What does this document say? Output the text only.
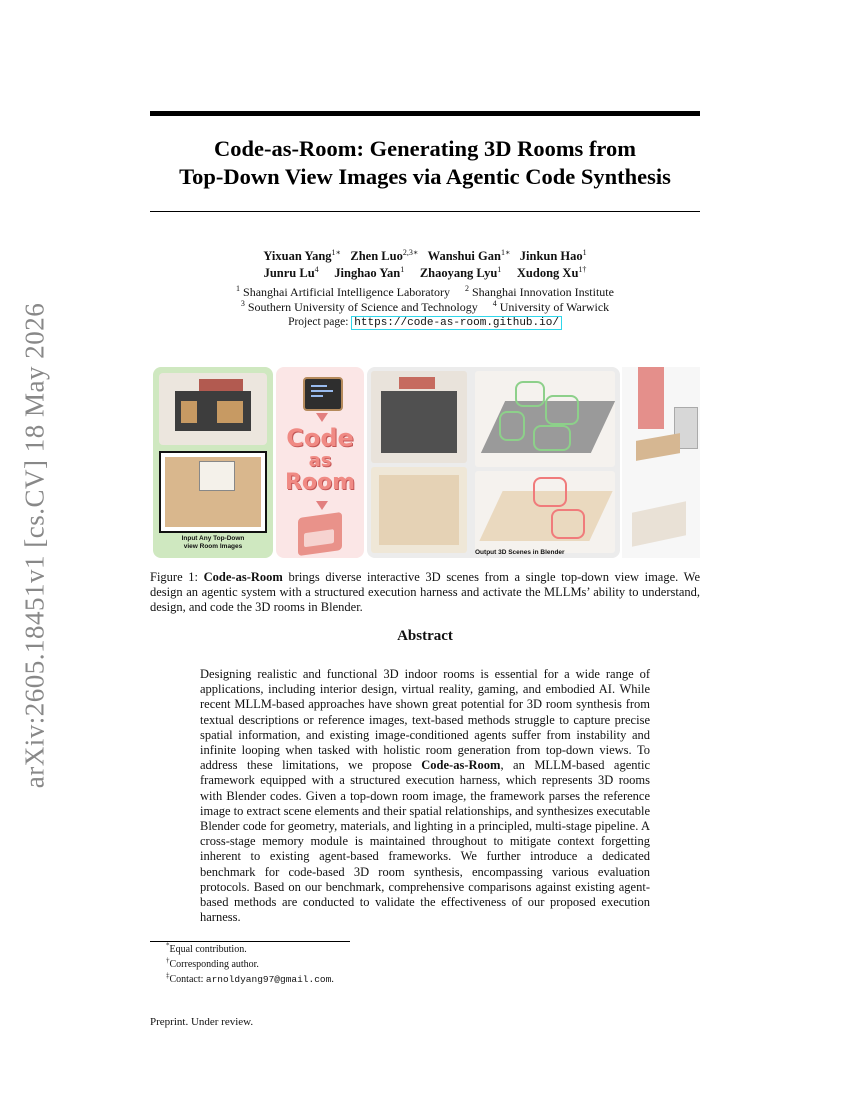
arXiv:2605.18451v1 [cs.CV] 18 May 2026
Code-as-Room: Generating 3D Rooms from
Top-Down View Images via Agentic Code Synthesis
Yixuan Yang$^{1∗}$ Zhen Luo$^{2,3∗}$ Wanshui Gan$^{1∗}$ Jinkun Hao$^1$
Junru Lu$^4$ Jinghao Yan$^1$ Zhaoyang Lyu$^1$ Xudong $Xu^{1\dagger}$
$^1$ Shanghai Artificial Intelligence Laboratory $^2$ Shanghai Innovation Institute
$^3$ Southern University of Science and Technology $^4$ University of Warwick
Project page: https://code-as-room.github.io/
Input Any Top-Down
view Room Images
Code
as
Room
Output 3D Scenes in Blender
Figure 1: Code-as-Room brings diverse interactive 3D scenes from a single top-down view image. We design an agentic system with a structured execution harness and activate the MLLMs’ ability to understand, design, and code the 3D rooms in Blender.
Abstract
Designing realistic and functional 3D indoor rooms is essential for a wide range of applications, including interior design, virtual reality, gaming, and embodied AI. While recent MLLM-based approaches have shown great potential for 3D room synthesis from textual descriptions or reference images, text-based methods struggle to capture precise spatial information, and existing image-conditioned agents suffer from instability and infinite looping when tasked with holistic room generation from top-down views. To address these limitations, we propose Code-as-Room, an MLLM-based agentic framework equipped with a structured execution harness, which represents 3D rooms with Blender codes. Given a top-down room image, the framework parses the reference image to extract scene elements and their spatial relationships, and synthesizes executable Blender code for geometry, materials, and lighting in a principled, multi-stage pipeline. A cross-stage memory module is maintained throughout to mitigate context forgetting inherent to existing agent-based frameworks. We further introduce a dedicated benchmark for code-based 3D room synthesis, encompassing various evaluation protocols. Based on our benchmark, comprehensive comparisons against existing agent-based methods are conducted to validate the effectiveness of our proposed execution harness.
*Equal contribution.
†Corresponding author.
‡Contact: arnoldyang97@gmail.com.
Preprint. Under review.
